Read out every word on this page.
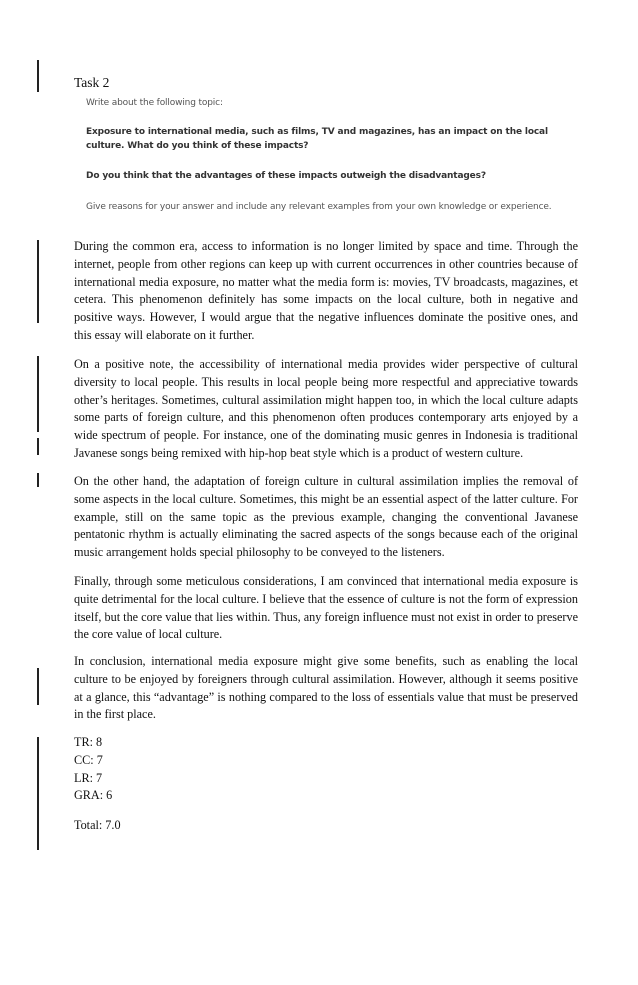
Task 2
Write about the following topic:
Exposure to international media, such as films, TV and magazines, has an impact on the local culture. What do you think of these impacts?
Do you think that the advantages of these impacts outweigh the disadvantages?
Give reasons for your answer and include any relevant examples from your own knowledge or experience.

During the common era, access to information is no longer limited by space and time. Through the internet, people from other regions can keep up with current occurrences in other countries because of international media exposure, no matter what the media form is: movies, TV broadcasts, magazines, et cetera. This phenomenon definitely has some impacts on the local culture, both in negative and positive ways. However, I would argue that the negative influences dominate the positive ones, and this essay will elaborate on it further.

On a positive note, the accessibility of international media provides wider perspective of cultural diversity to local people. This results in local people being more respectful and appreciative towards other’s heritages. Sometimes, cultural assimilation might happen too, in which the local culture adapts some parts of foreign culture, and this phenomenon often produces contemporary arts enjoyed by a wide spectrum of people. For instance, one of the dominating music genres in Indonesia is traditional Javanese songs being remixed with hip-hop beat style which is a product of western culture.

On the other hand, the adaptation of foreign culture in cultural assimilation implies the removal of some aspects in the local culture. Sometimes, this might be an essential aspect of the latter culture. For example, still on the same topic as the previous example, changing the conventional Javanese pentatonic rhythm is actually eliminating the sacred aspects of the songs because each of the original music arrangement holds special philosophy to be conveyed to the listeners.

Finally, through some meticulous considerations, I am convinced that international media exposure is quite detrimental for the local culture. I believe that the essence of culture is not the form of expression itself, but the core value that lies within. Thus, any foreign influence must not exist in order to preserve the core value of local culture.

In conclusion, international media exposure might give some benefits, such as enabling the local culture to be enjoyed by foreigners through cultural assimilation. However, although it seems positive at a glance, this “advantage” is nothing compared to the loss of essentials value that must be preserved in the first place.

TR: 8
CC: 7
LR: 7
GRA: 6
Total: 7.0
